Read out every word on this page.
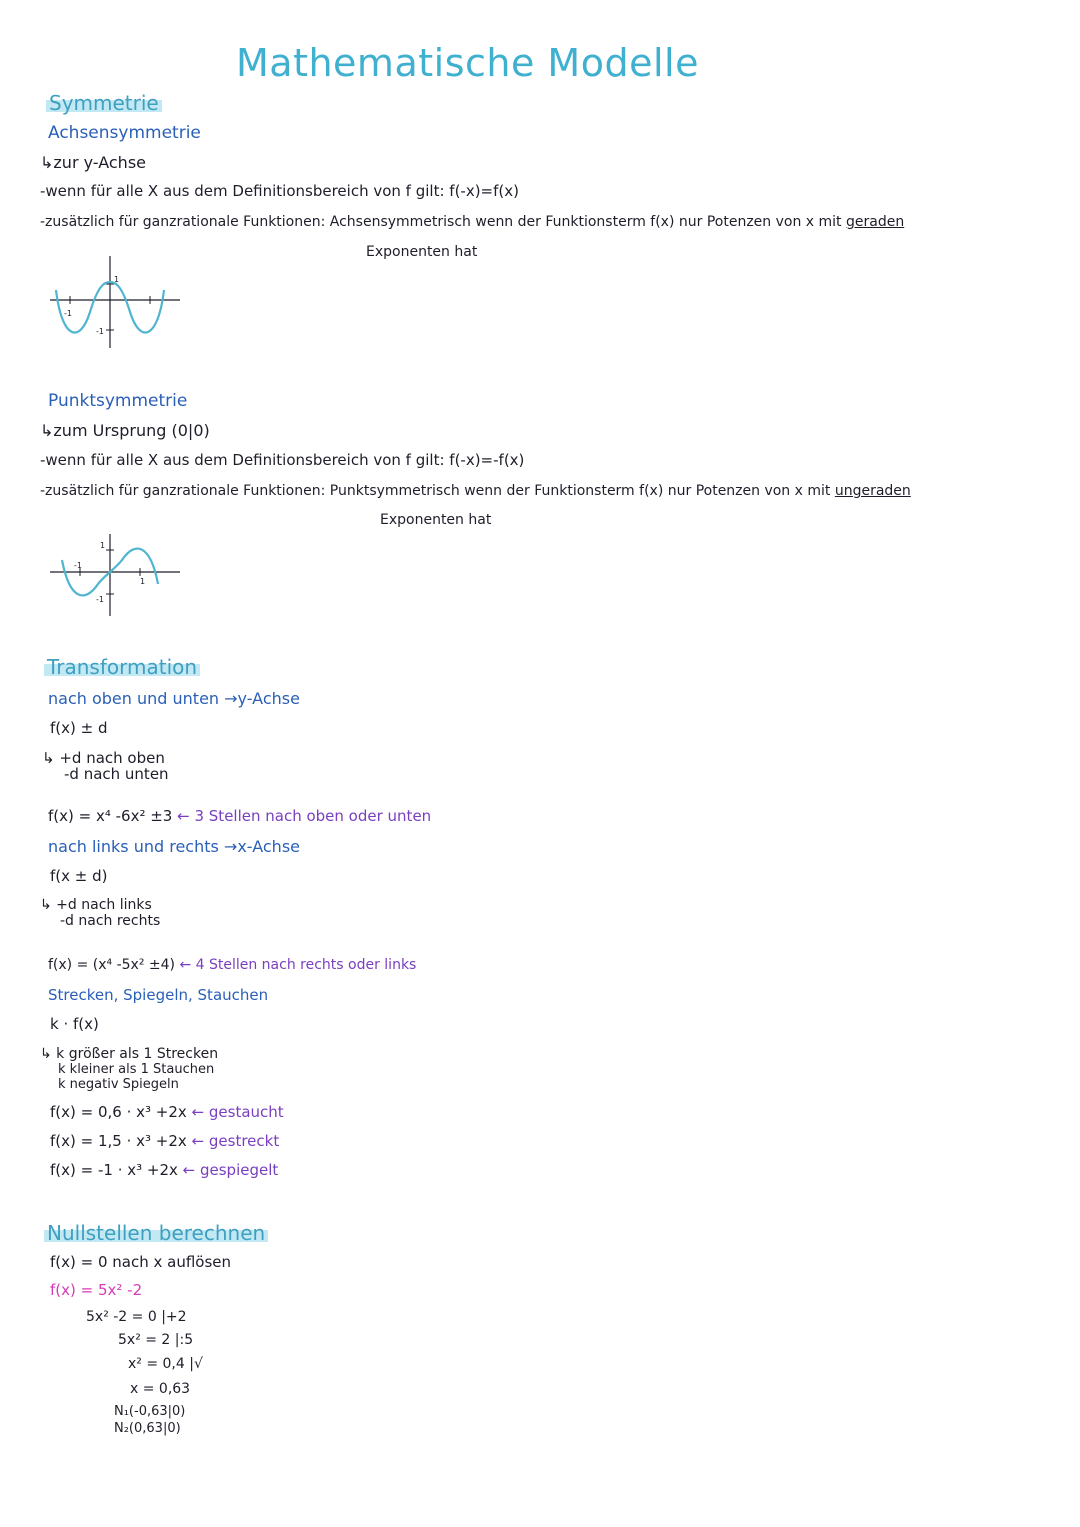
Mathematische Modelle
Symmetrie
Achsensymmetrie
↳zur y-Achse
-wenn für alle X aus dem Definitionsbereich von f gilt: f(-x)=f(x)
-zusätzlich für ganzrationale Funktionen: Achsensymmetrisch wenn der Funktionsterm f(x) nur Potenzen von x mit geraden
Exponenten hat
-1
1
-1
Punktsymmetrie
↳zum Ursprung (0|0)
-wenn für alle X aus dem Definitionsbereich von f gilt: f(-x)=-f(x)
-zusätzlich für ganzrationale Funktionen: Punktsymmetrisch wenn der Funktionsterm f(x) nur Potenzen von x mit ungeraden
Exponenten hat
-1
1
1
-1
Transformation
nach oben und unten →y-Achse
f(x) ± d
↳ +d nach oben
-d nach unten
f(x) = x⁴ -6x² ±3 ← 3 Stellen nach oben oder unten
nach links und rechts →x-Achse
f(x ± d)
↳ +d nach links
-d nach rechts
f(x) = (x⁴ -5x² ±4) ← 4 Stellen nach rechts oder links
Strecken, Spiegeln, Stauchen
k · f(x)
↳ k größer als 1 Strecken
k kleiner als 1 Stauchen
k negativ Spiegeln
f(x) = 0,6 · x³ +2x ← gestaucht
f(x) = 1,5 · x³ +2x ← gestreckt
f(x) = -1 · x³ +2x ← gespiegelt
Nullstellen berechnen
f(x) = 0 nach x auflösen
f(x) = 5x² -2
5x² -2 = 0 |+2
5x² = 2 |:5
x² = 0,4 |√
x = 0,63
N₁(-0,63|0)
N₂(0,63|0)
